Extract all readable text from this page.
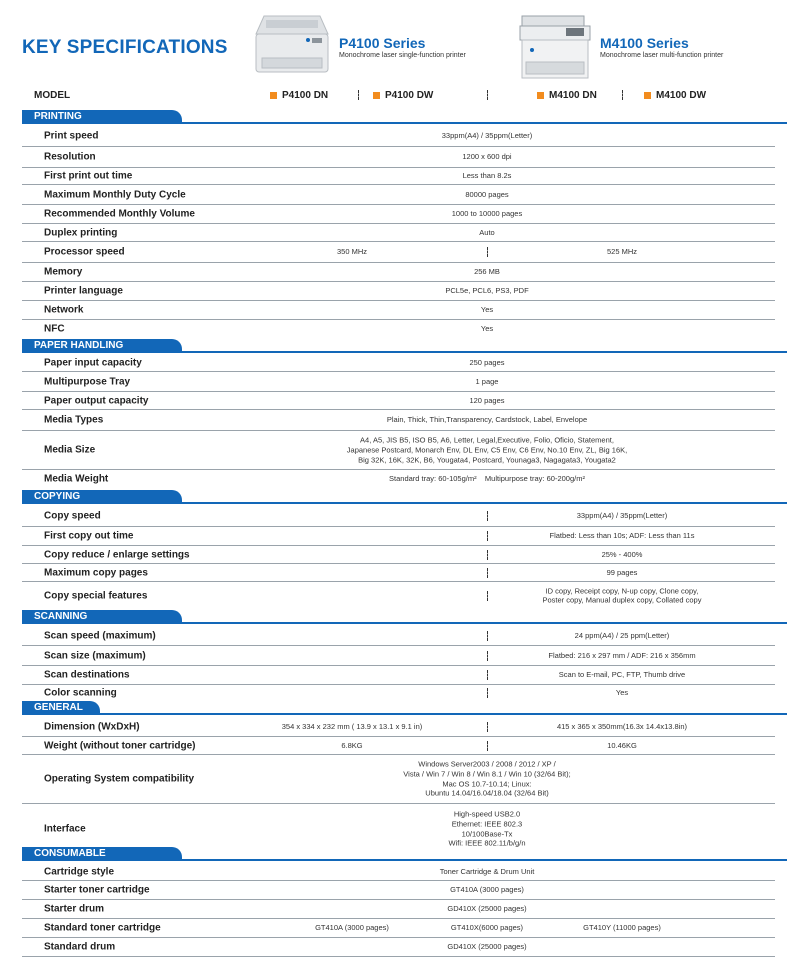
KEY SPECIFICATIONS	P4100 Series
Monochrome laser single-function printer
M4100 Series
Monochrome laser multi-function printer
MODEL	P4100 DN	P4100 DW	M4100 DN	M4100 DW
PRINTING
Print speed	33ppm(A4) / 35ppm(Letter)
Resolution	1200 x 600 dpi
First print out time	Less than 8.2s
Maximum Monthly Duty Cycle	80000 pages
Recommended Monthly Volume	1000 to 10000 pages
Duplex printing	Auto
Processor speed	350 MHz	525 MHz
Memory	256 MB
Printer language	PCL5e, PCL6, PS3, PDF
Network	Yes
NFC	Yes
PAPER HANDLING
Paper input capacity	250 pages
Multipurpose Tray	1 page
Paper output capacity	120 pages
Media Types	Plain, Thick, Thin,Transparency, Cardstock, Label, Envelope
Media Size
A4, A5, JIS B5, ISO B5, A6, Letter, Legal,Executive, Folio, Oficio, Statement,
Japanese Postcard, Monarch Env, DL Env, C5 Env, C6 Env, No.10 Env, ZL, Big 16K,
Big 32K, 16K, 32K, B6, Yougata4, Postcard, Younaga3, Nagagata3, Yougata2
Media Weight	Standard tray: 60-105g/m²    Multipurpose tray: 60-200g/m²
COPYING
Copy speed	33ppm(A4) / 35ppm(Letter)
First copy out time	Flatbed: Less than 10s; ADF: Less than 11s
Copy reduce / enlarge settings	25% - 400%
Maximum copy pages	99 pages
Copy special features	ID copy, Receipt copy, N-up copy, Clone copy,
Poster copy, Manual duplex copy, Collated copy
SCANNING
Scan speed (maximum)	24 ppm(A4) / 25 ppm(Letter)
Scan size (maximum)	Flatbed: 216 x 297 mm / ADF: 216 x 356mm
Scan destinations	Scan to E-mail, PC, FTP, Thumb drive
Color scanning	Yes
GENERAL
Dimension (WxDxH)	354 x 334 x 232 mm ( 13.9 x 13.1 x 9.1 in)	415 x 365 x 350mm(16.3x 14.4x13.8in)
Weight (without toner cartridge)	6.8KG	10.46KG
Operating System compatibility
Windows Server2003 / 2008 / 2012 / XP /
Vista / Win 7 / Win 8 / Win 8.1 / Win 10 (32/64 Bit);
Mac OS 10.7-10.14; Linux:
Ubuntu 14.04/16.04/18.04 (32/64 Bit)
Interface
High-speed USB2.0
Ethernet: IEEE 802.3
10/100Base-Tx
Wifi: IEEE 802.11/b/g/n
CONSUMABLE
Cartridge style	Toner Cartridge & Drum Unit
Starter toner cartridge	GT410A (3000 pages)
Starter drum	GD410X (25000 pages)
Standard toner cartridge	GT410A (3000 pages)	GT410X(6000 pages)	GT410Y (11000 pages)
Standard drum	GD410X (25000 pages)
